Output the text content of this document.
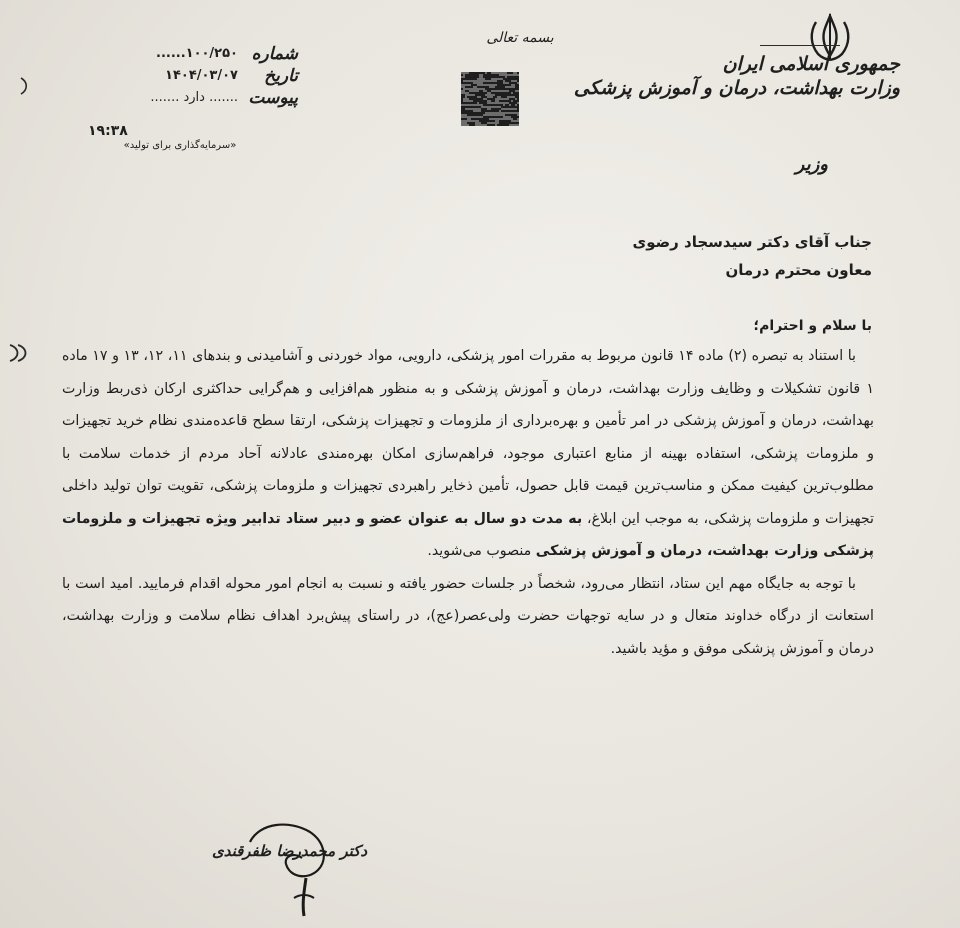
جمهوری اسلامی ایران
وزارت بهداشت، درمان و آموزش پزشکی
وزیر
بسمه تعالی
شماره
......۱۰۰/۲۵۰
تاریخ
۱۴۰۴/۰۳/۰۷
پیوست
....... دارد .......
۱۹:۳۸
«سرمایه‌گذاری برای تولید»
جناب آقای دکتر سیدسجاد رضوی
معاون محترم درمان
با سلام و احترام؛
با استناد به تبصره (۲) ماده ۱۴ قانون مربوط به مقررات امور پزشکی، دارویی، مواد خوردنی و آشامیدنی و بندهای ۱۱، ۱۲، ۱۳ و ۱۷ ماده ۱ قانون تشکیلات و وظایف وزارت بهداشت، درمان و آموزش پزشکی و به منظور هم‌افزایی و هم‌گرایی حداکثری ارکان ذی‌ربط وزارت بهداشت، درمان و آموزش پزشکی در امر تأمین و بهره‌برداری از ملزومات و تجهیزات پزشکی، ارتقا سطح قاعده‌مندی نظام خرید تجهیزات و ملزومات پزشکی، استفاده بهینه از منابع اعتباری موجود، فراهم‌سازی امکان بهره‌مندی عادلانه آحاد مردم از خدمات سلامت با مطلوب‌ترین کیفیت ممکن و مناسب‌ترین قیمت قابل حصول، تأمین ذخایر راهبردی تجهیزات و ملزومات پزشکی، تقویت توان تولید داخلی تجهیزات و ملزومات پزشکی، به موجب این ابلاغ، به مدت دو سال به عنوان عضو و دبیر ستاد تدابیر ویژه تجهیزات و ملزومات پزشکی وزارت بهداشت، درمان و آموزش پزشکی منصوب می‌شوید.
با توجه به جایگاه مهم این ستاد، انتظار می‌رود، شخصاً در جلسات حضور یافته و نسبت به انجام امور محوله اقدام فرمایید. امید است با استعانت از درگاه خداوند متعال و در سایه توجهات حضرت ولی‌عصر(عج)، در راستای پیش‌برد اهداف نظام سلامت و وزارت بهداشت، درمان و آموزش پزشکی موفق و مؤید باشید.
دکتر محمدرضا ظفرقندی
